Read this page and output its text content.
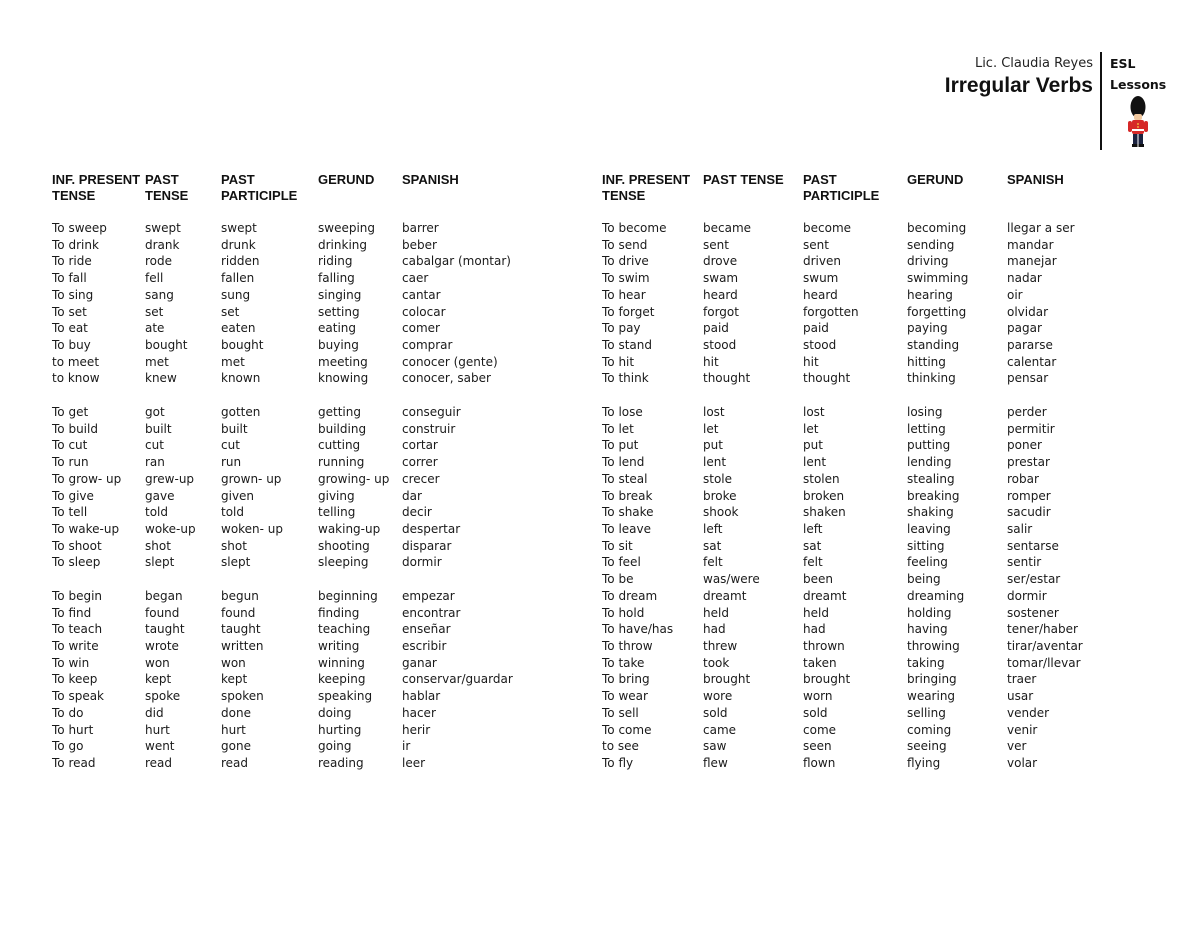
Lic. Claudia Reyes
Irregular Verbs
ESL
Lessons
INF. PRESENT TENSE	PAST TENSE	PAST PARTICIPLE	GERUND	SPANISH
To sweep	swept	swept	sweeping	barrer
To drink	drank	drunk	drinking	beber
To ride	rode	ridden	riding	cabalgar (montar)
To fall	fell	fallen	falling	caer
To sing	sang	sung	singing	cantar
To set	set	set	setting	colocar
To eat	ate	eaten	eating	comer
To buy	bought	bought	buying	comprar
to meet	met	met	meeting	conocer (gente)
to know	knew	known	knowing	conocer, saber

To get	got	gotten	getting	conseguir
To build	built	built	building	construir
To cut	cut	cut	cutting	cortar
To run	ran	run	running	correr
To grow- up	grew-up	grown- up	growing- up	crecer
To give	gave	given	giving	dar
To tell	told	told	telling	decir
To wake-up	woke-up	woken- up	waking-up	despertar
To shoot	shot	shot	shooting	disparar
To sleep	slept	slept	sleeping	dormir

To begin	began	begun	beginning	empezar
To find	found	found	finding	encontrar
To teach	taught	taught	teaching	enseñar
To write	wrote	written	writing	escribir
To win	won	won	winning	ganar
To keep	kept	kept	keeping	conservar/guardar
To speak	spoke	spoken	speaking	hablar
To do	did	done	doing	hacer
To hurt	hurt	hurt	hurting	herir
To go	went	gone	going	ir
To read	read	read	reading	leer
INF. PRESENT TENSE	PAST TENSE	PAST PARTICIPLE	GERUND	SPANISH
To become	became	become	becoming	llegar a ser
To send	sent	sent	sending	mandar
To drive	drove	driven	driving	manejar
To swim	swam	swum	swimming	nadar
To hear	heard	heard	hearing	oir
To forget	forgot	forgotten	forgetting	olvidar
To pay	paid	paid	paying	pagar
To stand	stood	stood	standing	pararse
To hit	hit	hit	hitting	calentar
To think	thought	thought	thinking	pensar

To lose	lost	lost	losing	perder
To let	let	let	letting	permitir
To put	put	put	putting	poner
To lend	lent	lent	lending	prestar
To steal	stole	stolen	stealing	robar
To break	broke	broken	breaking	romper
To shake	shook	shaken	shaking	sacudir
To leave	left	left	leaving	salir
To sit	sat	sat	sitting	sentarse
To feel	felt	felt	feeling	sentir
To be	was/were	been	being	ser/estar
To dream	dreamt	dreamt	dreaming	dormir
To hold	held	held	holding	sostener
To have/has	had	had	having	tener/haber
To throw	threw	thrown	throwing	tirar/aventar
To take	took	taken	taking	tomar/llevar
To bring	brought	brought	bringing	traer
To wear	wore	worn	wearing	usar
To sell	sold	sold	selling	vender
To come	came	come	coming	venir
to see	saw	seen	seeing	ver
To fly	flew	flown	flying	volar
